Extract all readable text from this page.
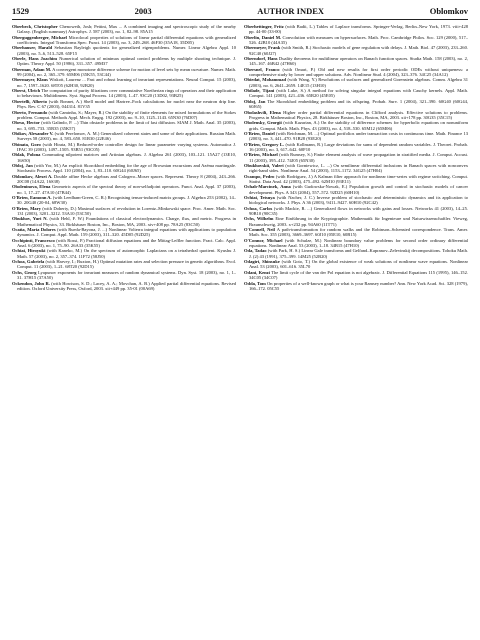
1529	2003	AUTHOR INDEX	Oblomkov

Oberbeck, Christopher Chenoweth, Josh; Pettini, Max ... A combined imaging and spectroscopic study of the nearby Galaxy. (English summary) Astrophys. J. 587 (2003), no. 1, 82–98. 85A15

Oberguggenberger, Michael Microlocal properties of solutions of linear partial differential equations with generalized coefficients. Integral Transforms Spec. Funct. 14 (2003), no. 3, 249–268. 46F30 (35A18, 35D05)

Oberhauser, Harald Sebastian Rayleigh quotients for generalized eigenproblems. Numer. Linear Algebra Appl. 10 (2003), no. 5–6, 513–528. 65F15

Oberle, Hans Joachim Numerical solution of minimax optimal control problems by multiple shooting technique. J. Optim. Theory Appl. 50 (1986), 331–357. 49M37

Oberman, Adam M. A convergent monotone difference scheme for motion of level sets by mean curvature. Numer. Math. 99 (2004), no. 2, 365–379. 65M06 (35K55, 53C44)

Obermayer, Klaus Wiskott, Laurenz ... Fast and robust learning of invariant representations. Neural Comput. 15 (2003), no. 7, 1597–1620. 68T05 (62H30, 92B20)

Oberst, Ulrich The computation of purity filtrations over commutative Noetherian rings of operators and their application to behaviours. Multidimens. Syst. Signal Process. 14 (2003), 1–47. 93C20 (13D02, 93B25)

Obertelli, Alberto (with Bonnet, A.) Shell model and Hartree–Fock calculations for nuclei near the neutron drip line. Phys. Rev. C 67 (2003), 044314. 81V35

Oberto, Fernando (with Caminha, S.; Mayer, R.) On the stability of finite elements for mixed formulations of the Stokes problem. Comput. Methods Appl. Mech. Engrg. 192 (2003), no. 9–10, 1125–1143. 65N30 (76D07)

Obeso, Hector (with Galindo, P. ...) Thin obstacle problems in the limit of fast diffusion. SIAM J. Math. Anal. 35 (2003), no. 3, 695–733. 35R35 (35K57)

Obikov, Alexander V. (with Perelomov, A. M.) Generalized coherent states and some of their applications. Russian Math. Surveys 58 (2003), no. 4, 583–650. 81R30 (22E46)

Obinata, Goro (with Hirata, M.) Reduced-order controller design for linear parameter varying systems. Automatica J. IFAC 39 (2003), 1497–1505. 93B51 (93C05)

Oblak, Polona Commuting nilpotent matrices and Artinian algebras. J. Algebra 261 (2003), 103–121. 15A27 (13E10, 16S50)

Obloj, Jan (with Yor, M.) An explicit Skorokhod embedding for the age of Brownian excursions and Azéma martingale. Stochastic Process. Appl. 110 (2004), no. 1, 83–110. 60G44 (60J65)

Oblomkov, Alexei A. Double affine Hecke algebras and Calogero–Moser spaces. Represent. Theory 8 (2004), 243–266. 20C08 (14A22, 16S38)

Oboleninova, Elena Geometric aspects of the spectral theory of non-selfadjoint operators. Funct. Anal. Appl. 37 (2003), no. 1, 17–27. 47A10 (47B44)

O'Brien, Eamonn A. (with Leedham-Green, C. R.) Recognising tensor-induced matrix groups. J. Algebra 253 (2002), 14–30. 20G40 (20-04, 68W30)

O'Brien, Mary (with Doherty, D.) Maximal surfaces of revolution in Lorentz–Minkowski space. Proc. Amer. Math. Soc. 131 (2003), 3201–3212. 53A10 (53C50)

Obukhov, Yuri N. (with Hehl, F. W.) Foundations of classical electrodynamics. Charge, flux, and metric. Progress in Mathematical Physics, 33. Birkhäuser Boston, Inc., Boston, MA, 2003. xiv+408 pp. 78A25 (83C50)

Ocaña, Maria Dolores (with Rueda-Bayona, J. ...) Nonlinear Volterra integral equations with applications to population dynamics. J. Comput. Appl. Math. 159 (2003), 311–320. 45D05 (92D25)

Occhipinti, Francesco (with Rossi, P.) Fractional diffusion equations and the Mittag-Leffler function. Fract. Calc. Appl. Anal. 6 (2003), no. 1, 75–90. 26A33 (35K55)

Ochiai, Hiroyuki (with Kaneko, M.) On the spectrum of automorphic Laplacians on a tetrahedral quotient. Kyushu J. Math. 57 (2003), no. 2, 357–374. 11F72 (58J50)

Ochoa, Gabriela (with Harvey, I.; Buxton, H.) Optimal mutation rates and selection pressure in genetic algorithms. Evol. Comput. 11 (2003), 1–21. 68T20 (92D15)

Ochs, Georg Lyapunov exponents for invariant measures of random dynamical systems. Dyn. Syst. 18 (2003), no. 1, 1–31. 37H15 (37A50)

Ockendon, John R. (with Howison, S. D.; Lacey, A. A.; Movchan, A. B.) Applied partial differential equations. Revised edition. Oxford University Press, Oxford, 2003. xii+449 pp. 35-01 (00A69)

Oberhettinger, Fritz (with Badii, L.) Tables of Laplace transforms. Springer-Verlag, Berlin–New York, 1973. viii+428 pp. 44-00 (33-00)

Oberlin, Daniel M. Convolution with measures on hypersurfaces. Math. Proc. Cambridge Philos. Soc. 129 (2000), 517–526. 42B10 (44A35)

Obermeyer, Frank (with Smith, R.) Stochastic models of gene regulation with delays. J. Math. Biol. 47 (2003), 233–260. 92C40 (60J27)

Oberndorf, Hans Duality theorems for multilinear operators on Banach function spaces. Studia Math. 158 (2003), no. 2, 145–167. 46B42 (47H60)

Obersnel, Franco (with Omari, P.) Old and new results for first order periodic ODEs without uniqueness: a comprehensive study by lower and upper solutions. Adv. Nonlinear Stud. 4 (2004), 323–376. 34C25 (34A12)

Obiedat, Mohammad (with Wang, Y.) Resolutions of surfaces and generalized Gorenstein algebras. Comm. Algebra 31 (2003), no. 6, 2641–2659. 14E15 (13H10)

Obilade, Tijani (with Luke, S.) A method for solving singular integral equations with Cauchy kernels. Appl. Math. Comput. 141 (2003), 421–436. 65R20 (45E05)

Obloj, Jan The Skorokhod embedding problem and its offspring. Probab. Surv. 1 (2004), 321–390. 60G40 (60G44, 60J65)

Obolashvili, Elena Higher order partial differential equations in Clifford analysis. Effective solutions to problems. Progress in Mathematical Physics, 28. Birkhäuser Boston, Inc., Boston, MA, 2003. xii+178 pp. 30G35 (35C15)

Obolensky, Georgii (with Kazarian, A.) On the stability of difference schemes for hyperbolic equations on nonuniform grids. Comput. Math. Math. Phys. 43 (2003), no. 4, 518–530. 65M12 (65M06)

O'Brien, Daniel (with Reichman, M. ...) Optimal portfolios under transaction costs in continuous time. Math. Finance 13 (2003), no. 3, 441–470. 91B28 (93E20)

O'Brien, Gregory L. (with Kollmann, R.) Large deviations for sums of dependent random variables. J. Theoret. Probab. 16 (2003), no. 3, 617–642. 60F10

O'Brien, Michael (with Rumsey, S.) Finite element analysis of wave propagation in stratified media. J. Comput. Acoust. 11 (2003), 395–412. 74J05 (65N30)

Obukhovskii, Valeri (with Gorniewicz, L. ...) On semilinear differential inclusions in Banach spaces with nonconvex right-hand sides. Nonlinear Anal. 54 (2003), 1153–1172. 34G25 (47H04)

Ocampo, Pedro (with Rodríguez, J.) A Kalman filter approach for nonlinear time-series with regime switching. Comput. Statist. Data Anal. 42 (2003), 475–492. 62M10 (93E11)

Ochab-Marcinek, Anna (with Gudowska-Nowak, E.) Population growth and control in stochastic models of cancer development. Phys. A 343 (2004), 557–572. 92D25 (60H10)

Ochiai, Tetsuya (with Nacher, J. C.) Inverse problem of stochastic and deterministic dynamics and its application to biological networks. J. Phys. A 36 (2003), 9411–9427. 60H10 (92C42)

Ochoa, Carlos (with Mackie, R. ...) Generalized flows in networks with gains and losses. Networks 41 (2003), 14–25. 90B10 (90C35)

Ochs, Wilhelm Eine Einführung in die Kryptographie. Mathematik für Ingenieure und Naturwissenschaftler. Vieweg, Braunschweig, 2003. x+232 pp. 94A60 (11T71)

O'Connell, Neil A path-transformation for random walks and the Robinson–Schensted correspondence. Trans. Amer. Math. Soc. 355 (2003), 3669–3697. 60J10 (05E10, 60B15)

O'Connor, Michael (with Schulze, M.) Nonlinear boundary value problems for second order ordinary differential equations. Nonlinear Anal. 53 (2003), 1–18. 34B15 (47H10)

Oda, Tadao (with Park, H. S.) Linear Gale transforms and Gelfand–Kapranov–Zelevinskij decompositions. Tohoku Math. J. (2) 43 (1991), 375–399. 14M25 (52B20)

Odagiri, Shinsuke (with Goto, T.) On the global existence of weak solutions of nonlinear wave equations. Nonlinear Anal. 53 (2003), 601–616. 35L70

Odani, Kenzi The limit cycle of the van der Pol equation is not algebraic. J. Differential Equations 115 (1995), 146–152. 34C05 (34C07)

Odda, Tom On properties of a well-known graph or what is your Ramsey number? Ann. New York Acad. Sci. 328 (1979), 166–172. 05C55
